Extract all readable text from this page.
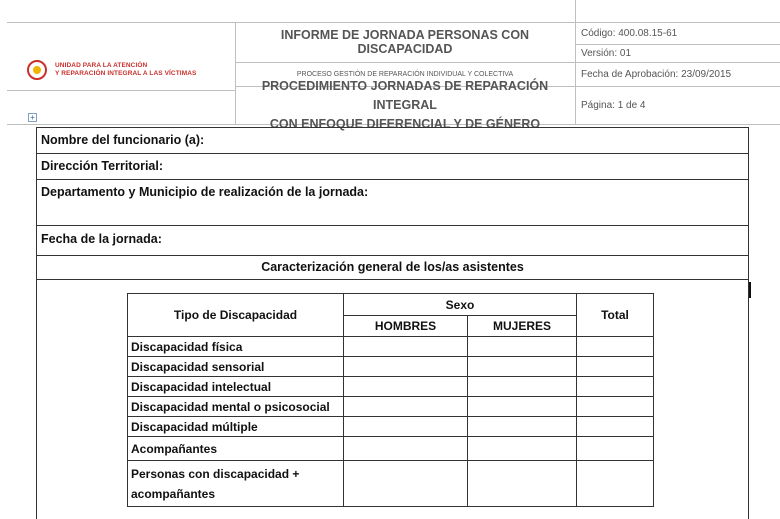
UNIDAD PARA LA ATENCIÓN
Y REPARACIÓN INTEGRAL A LAS VÍCTIMAS
INFORME DE JORNADA PERSONAS CON DISCAPACIDAD
PROCESO GESTIÓN DE REPARACIÓN INDIVIDUAL Y COLECTIVA
PROCEDIMIENTO JORNADAS DE REPARACIÓN INTEGRAL
CON ENFOQUE DIFERENCIAL Y DE GÉNERO
Código: 400.08.15-61
Versión: 01
Fecha de Aprobación: 23/09/2015
Página: 1 de 4
+
Nombre del funcionario (a):
Dirección Territorial:
Departamento y Municipio de realización de la jornada:
Fecha de la jornada:
Caracterización general de los/as asistentes
Tipo de Discapacidad	Sexo		Total
	HOMBRES	MUJERES	
Discapacidad física			
Discapacidad sensorial			
Discapacidad intelectual			
Discapacidad mental o psicosocial			
Discapacidad múltiple			
Acompañantes			

Personas con discapacidad +
acompañantes			
